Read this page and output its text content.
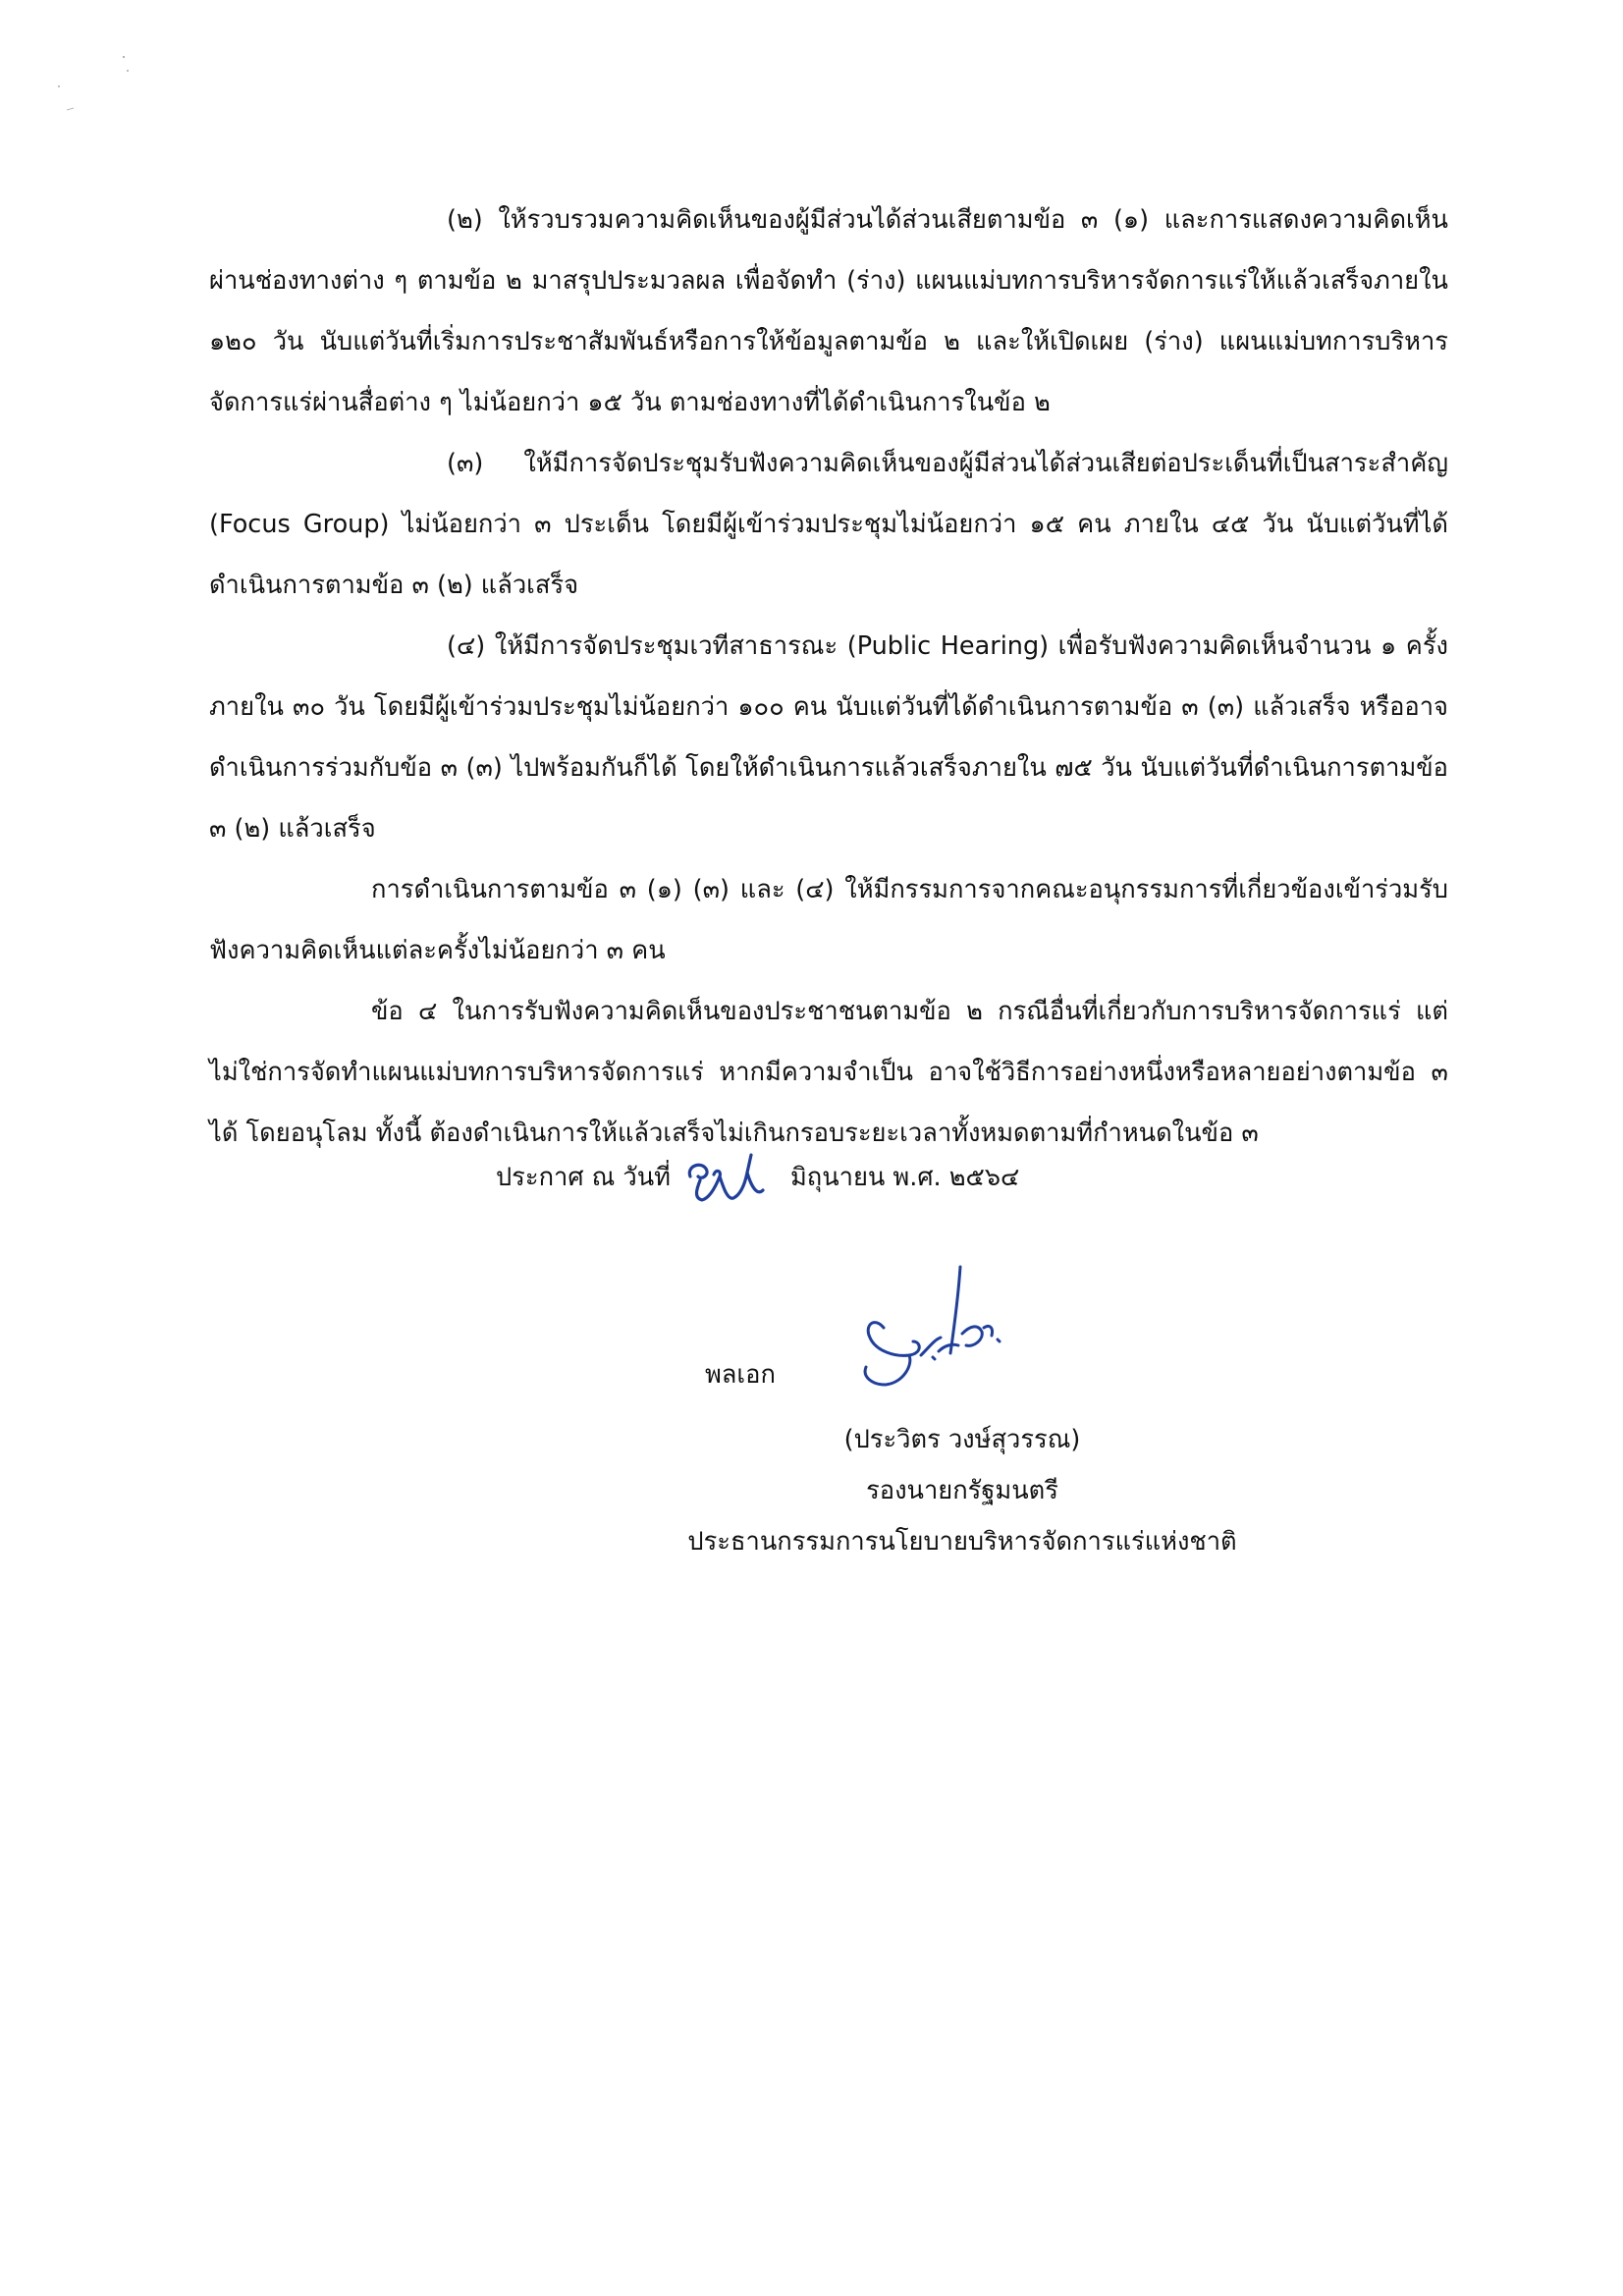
(๒) ให้รวบรวมความคิดเห็นของผู้มีส่วนได้ส่วนเสียตามข้อ ๓ (๑) และการแสดงความคิดเห็นผ่านช่องทางต่าง ๆ ตามข้อ ๒ มาสรุปประมวลผล เพื่อจัดทำ (ร่าง) แผนแม่บทการบริหารจัดการแร่ให้แล้วเสร็จภายใน ๑๒๐ วัน นับแต่วันที่เริ่มการประชาสัมพันธ์หรือการให้ข้อมูลตามข้อ ๒ และให้เปิดเผย (ร่าง) แผนแม่บทการบริหารจัดการแร่ผ่านสื่อต่าง ๆ ไม่น้อยกว่า ๑๕ วัน ตามช่องทางที่ได้ดำเนินการในข้อ ๒

(๓) ให้มีการจัดประชุมรับฟังความคิดเห็นของผู้มีส่วนได้ส่วนเสียต่อประเด็นที่เป็นสาระสำคัญ (Focus Group) ไม่น้อยกว่า ๓ ประเด็น โดยมีผู้เข้าร่วมประชุมไม่น้อยกว่า ๑๕ คน ภายใน ๔๕ วัน นับแต่วันที่ได้ดำเนินการตามข้อ ๓ (๒) แล้วเสร็จ

(๔) ให้มีการจัดประชุมเวทีสาธารณะ (Public Hearing) เพื่อรับฟังความคิดเห็นจำนวน ๑ ครั้ง ภายใน ๓๐ วัน โดยมีผู้เข้าร่วมประชุมไม่น้อยกว่า ๑๐๐ คน นับแต่วันที่ได้ดำเนินการตามข้อ ๓ (๓) แล้วเสร็จ หรืออาจดำเนินการร่วมกับข้อ ๓ (๓) ไปพร้อมกันก็ได้ โดยให้ดำเนินการแล้วเสร็จภายใน ๗๕ วัน นับแต่วันที่ดำเนินการตามข้อ ๓ (๒) แล้วเสร็จ

การดำเนินการตามข้อ ๓ (๑) (๓) และ (๔) ให้มีกรรมการจากคณะอนุกรรมการที่เกี่ยวข้องเข้าร่วมรับฟังความคิดเห็นแต่ละครั้งไม่น้อยกว่า ๓ คน

ข้อ ๔ ในการรับฟังความคิดเห็นของประชาชนตามข้อ ๒ กรณีอื่นที่เกี่ยวกับการบริหารจัดการแร่ แต่ไม่ใช่การจัดทำแผนแม่บทการบริหารจัดการแร่ หากมีความจำเป็น อาจใช้วิธีการอย่างหนึ่งหรือหลายอย่างตามข้อ ๓ ได้ โดยอนุโลม ทั้งนี้ ต้องดำเนินการให้แล้วเสร็จไม่เกินกรอบระยะเวลาทั้งหมดตามที่กำหนดในข้อ ๓

ประกาศ ณ วันที่	มิถุนายน พ.ศ. ๒๕๖๔
พลเอก
(ประวิตร วงษ์สุวรรณ)
รองนายกรัฐมนตรี
ประธานกรรมการนโยบายบริหารจัดการแร่แห่งชาติ
